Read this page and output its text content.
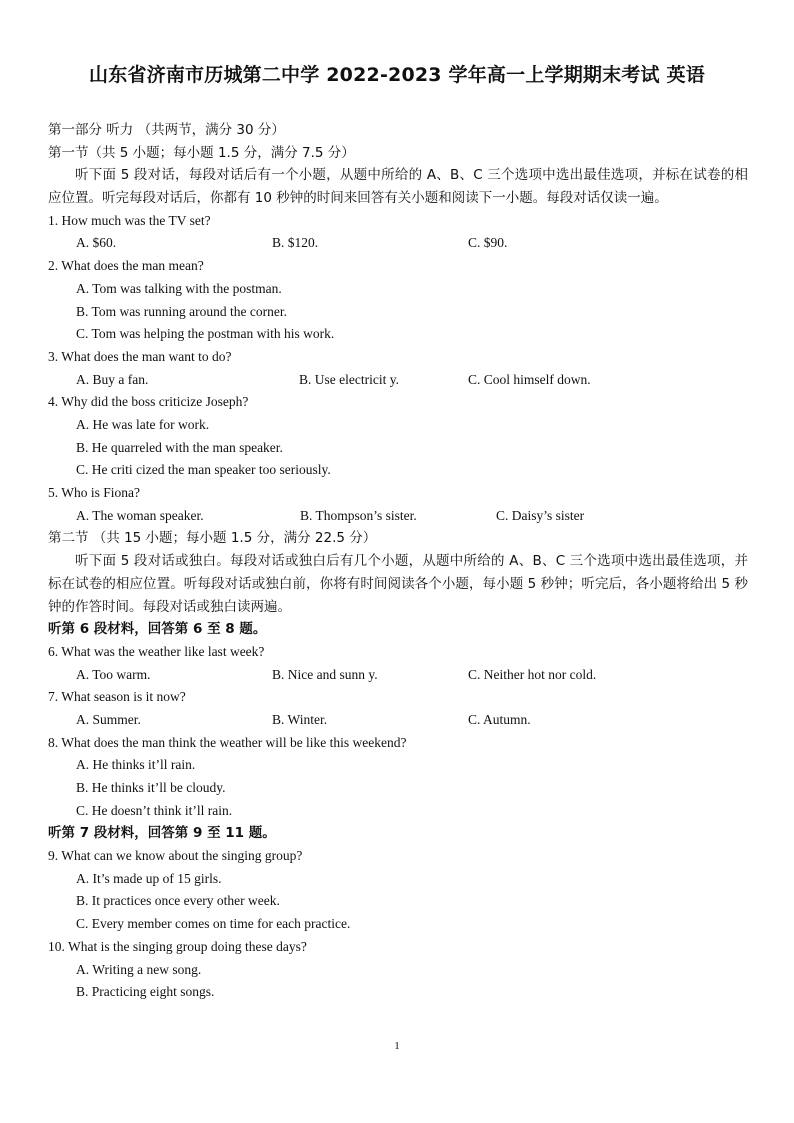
山东省济南市历城第二中学 2022-2023 学年高一上学期期末考试 英语
第一部分 听力 （共两节，满分 30 分）
第一节（共 5 小题；每小题 1.5 分，满分 7.5 分）
听下面 5 段对话，每段对话后有一个小题，从题中所给的 A、B、C 三个选项中选出最佳选项，并标在试卷的相应位置。听完每段对话后，你都有 10 秒钟的时间来回答有关小题和阅读下一小题。每段对话仅读一遍。
1. How much was the TV set?
A. $60.	B. $120.	C. $90.
2. What does the man mean?
A. Tom was talking with the postman.
B. Tom was running around the corner.
C. Tom was helping the postman with his work.
3. What does the man want to do?
A. Buy a fan.	B. Use electricit y.	C. Cool himself down.
4. Why did the boss criticize Joseph?
A. He was late for work.
B. He quarreled with the man speaker.
C. He criti cized the man speaker too seriously.
5. Who is Fiona?
A. The woman speaker.	B. Thompson’s sister.	C. Daisy’s sister
第二节 （共 15 小题；每小题 1.5 分，满分 22.5 分）
听下面 5 段对话或独白。每段对话或独白后有几个小题，从题中所给的 A、B、C 三个选项中选出最佳选项，并标在试卷的相应位置。听每段对话或独白前，你将有时间阅读各个小题，每小题 5 秒钟；听完后，各小题将给出 5 秒钟的作答时间。每段对话或独白读两遍。
听第 6 段材料，回答第 6 至 8 题。
6. What was the weather like last week?
A. Too warm.	B. Nice and sunn y.	C. Neither hot nor cold.
7. What season is it now?
A. Summer.	B. Winter.	C. Autumn.
8. What does the man think the weather will be like this weekend?
A. He thinks it’ll rain.
B. He thinks it’ll be cloudy.
C. He doesn’t think it’ll rain.
听第 7 段材料，回答第 9 至 11 题。
9. What can we know about the singing group?
A. It’s made up of 15 girls.
B. It practices once every other week.
C. Every member comes on time for each practice.
10. What is the singing group doing these days?
A. Writing a new song.
B. Practicing eight songs.
1
